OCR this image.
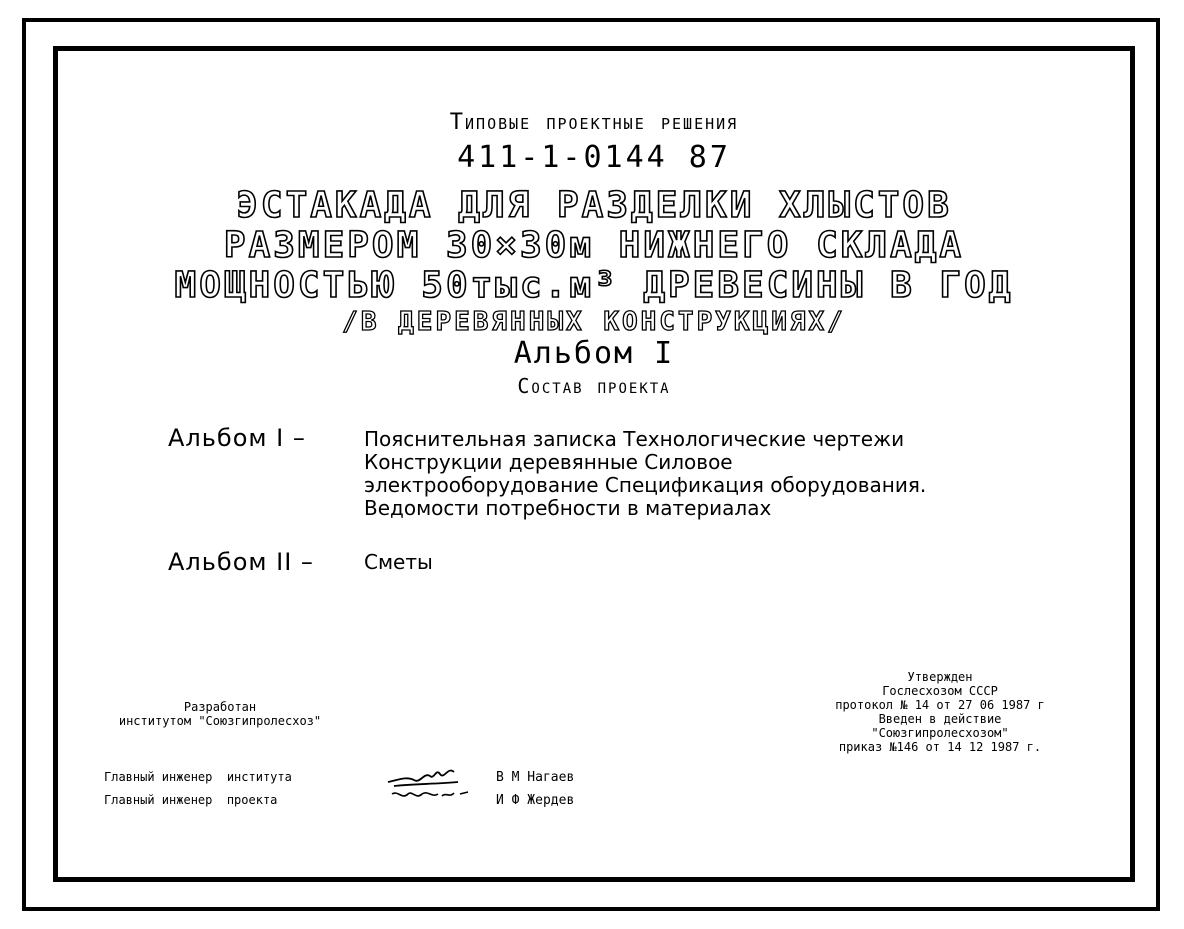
Типовые проектные решения
411-1-0144 87
ЭСТАКАДА ДЛЯ РАЗДЕЛКИ ХЛЫСТОВ
РАЗМЕРОМ 30×30м НИЖНЕГО СКЛАДА
МОЩНОСТЬЮ 50тыс.м³ ДРЕВЕСИНЫ В ГОД
/В ДЕРЕВЯННЫХ КОНСТРУКЦИЯХ/
Альбом I
Состав проекта
Альбом I –	Пояснительная записка Технологические чертежи
Конструкции деревянные Силовое
электрооборудование Спецификация оборудования.
Ведомости потребности в материалах
Альбом II –	Сметы
Разработан
институтом "Союзгипролесхоз"
Утвержден
Гослесхозом СССР
протокол № 14 от 27 06 1987 г
Введен в действие
"Союзгипролесхозом"
приказ №146 от 14 12 1987 г.
Главный инженер института
Главный инженер проекта
В М Нагаев
И Ф Жердев
